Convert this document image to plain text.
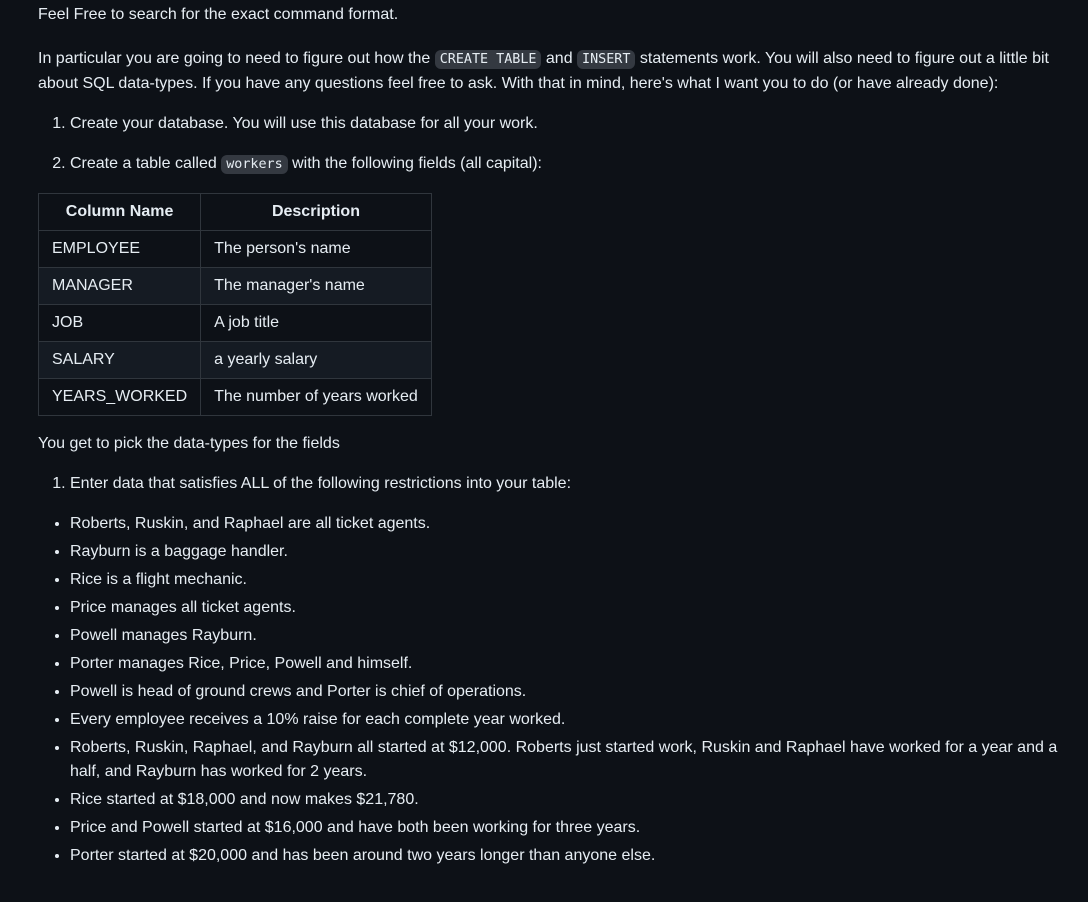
Feel Free to search for the exact command format.

In particular you are going to need to figure out how the CREATE TABLE and INSERT statements work. You will also need to figure out a little bit about SQL data-types. If you have any questions feel free to ask. With that in mind, here's what I want you to do (or have already done):

1. Create your database. You will use this database for all your work.
2. Create a table called workers with the following fields (all capital):
Column Name	Description
EMPLOYEE	The person's name
MANAGER	The manager's name
JOB	A job title
SALARY	a yearly salary
YEARS_WORKED	The number of years worked

You get to pick the data-types for the fields

1. Enter data that satisfies ALL of the following restrictions into your table:
• Roberts, Ruskin, and Raphael are all ticket agents.
• Rayburn is a baggage handler.
• Rice is a flight mechanic.
• Price manages all ticket agents.
• Powell manages Rayburn.
• Porter manages Rice, Price, Powell and himself.
• Powell is head of ground crews and Porter is chief of operations.
• Every employee receives a 10% raise for each complete year worked.
• Roberts, Ruskin, Raphael, and Rayburn all started at $12,000. Roberts just started work, Ruskin and Raphael have worked for a year and a half, and Rayburn has worked for 2 years.
• Rice started at $18,000 and now makes $21,780.
• Price and Powell started at $16,000 and have both been working for three years.
• Porter started at $20,000 and has been around two years longer than anyone else.
